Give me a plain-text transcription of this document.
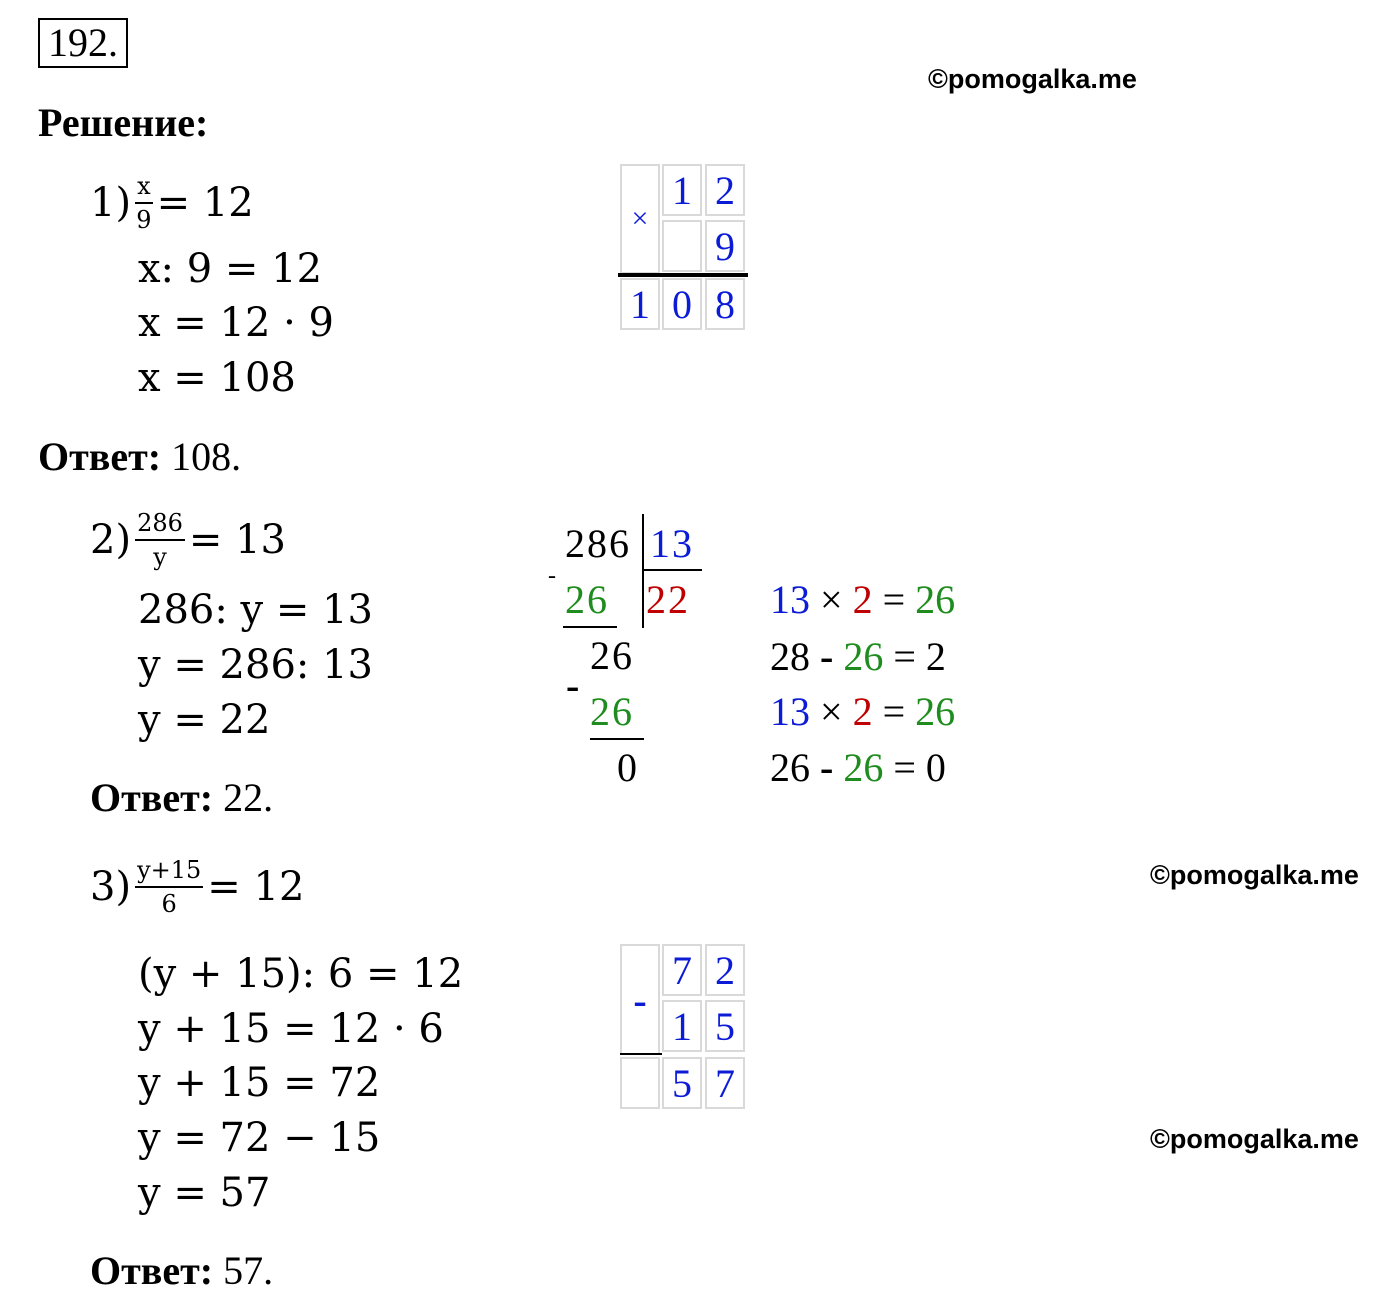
192.
©pomogalka.me
Решение:
$1) \frac{x}{9} = 12$
x: 9 = 12
x = 12 · 9
x = 108
Ответ: 108.
×
1 2
9
1 0 8
$2) \frac{286}{y} = 13$
286: y = 13
y = 286: 13
y = 22
Ответ: 22.
286 13
-
26 22
26
-
26
0
13 × 2 = 26
28 - 26 = 2
13 × 2 = 26
26 - 26 = 0
©pomogalka.me
$3) \frac{y+15}{6} = 12$
(y + 15): 6 = 12
y + 15 = 12 · 6
y + 15 = 72
y = 72 − 15
y = 57
Ответ: 57.
-
7 2
1 5
5 7
©pomogalka.me
